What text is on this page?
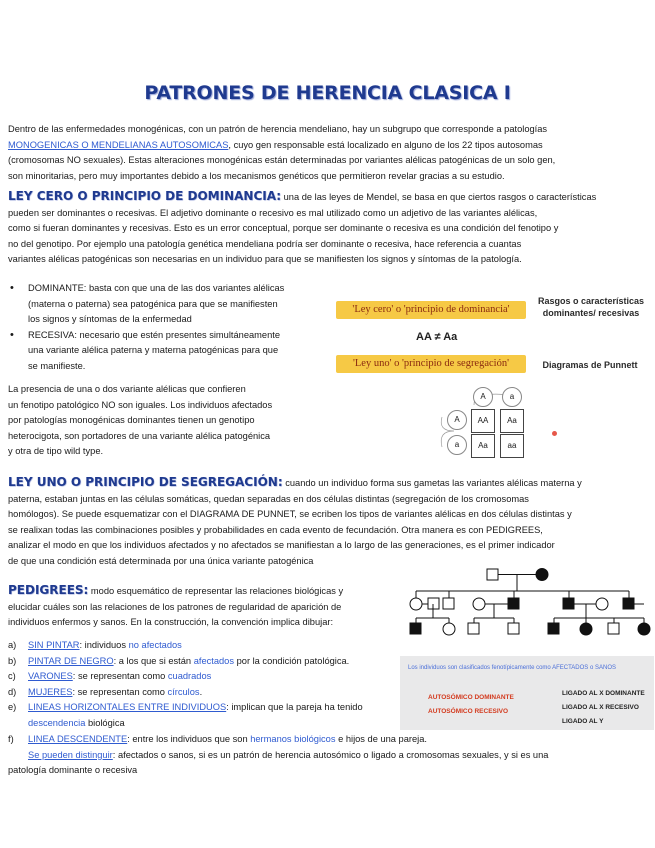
PATRONES DE HERENCIA CLASICA I
Dentro de las enfermedades monogénicas, con un patrón de herencia mendeliano, hay un subgrupo que corresponde a patologías
MONOGENICAS O MENDELIANAS AUTOSOMICAS, cuyo gen responsable está localizado en alguno de los 22 tipos autosomas
(cromosomas NO sexuales). Estas alteraciones monogénicas están determinadas por variantes alélicas patogénicas de un solo gen,
son minoritarias, pero muy importantes debido a los mecanismos genéticos que permitieron revelar gracias a su estudio.
LEY CERO O PRINCIPIO DE DOMINANCIA: una de las leyes de Mendel, se basa en que ciertos rasgos o características
pueden ser dominantes o recesivas. El adjetivo dominante o recesivo es mal utilizado como un adjetivo de las variantes alélicas,
como si fueran dominantes y recesivas. Esto es un error conceptual, porque ser dominante o recesiva es una condición del fenotipo y
no del genotipo. Por ejemplo una patología genética mendeliana podría ser dominante o recesiva, hace referencia a cuantas
variantes alélicas patogénicas son necesarias en un individuo para que se manifiesten los signos y síntomas de la patología.
• DOMINANTE: basta con que una de las dos variantes alélicas
(materna o paterna) sea patogénica para que se manifiesten
los signos y síntomas de la enfermedad
• RECESIVA: necesario que estén presentes simultáneamente
una variante alélica paterna y materna patogénicas para que
se manifieste.
La presencia de una o dos variante alélicas que confieren
un fenotipo patológico NO son iguales. Los individuos afectados
por patologías monogénicas dominantes tienen un genotipo
heterocigota, son portadores de una variante alélica patogénica
y otra de tipo wild type.
'Ley cero' o 'principio de dominancia'
Rasgos o características
dominantes/ recesivas
AA ≠ Aa
'Ley uno' o 'principio de segregación'	Diagramas de Punnett
A	a
A
a
AA	Aa
Aa	aa
LEY UNO O PRINCIPIO DE SEGREGACIÓN: cuando un individuo forma sus gametas las variantes alélicas materna y
paterna, estaban juntas en las células somáticas, quedan separadas en dos células distintas (segregación de los cromosomas
homólogos). Se puede esquematizar con el DIAGRAMA DE PUNNET, se ecriben los tipos de variantes alélicas en dos células distintas y
se realixan todas las combinaciones posibles y probabilidades en cada evento de fecundación. Otra manera es con PEDIGREES,
analizar el modo en que los individuos afectados y no afectados se manifiestan a lo largo de las generaciones, es el primer indicador
de que una condición está determinada por una única variante patogénica
PEDIGREES: modo esquemático de representar las relaciones biológicas y
elucidar cuáles son las relaciones de los patrones de regularidad de aparición de
individuos enfermos y sanos. En la construcción, la convención implica dibujar:
a) SIN PINTAR: individuos no afectados
b) PINTAR DE NEGRO: a los que si están afectados por la condición patológica.
c) VARONES: se representan como cuadrados
d) MUJERES: se representan como círculos.
e) LINEAS HORIZONTALES ENTRE INDIVIDUOS: implican que la pareja ha tenido
descendencia biológica
f) LINEA DESCENDENTE: entre los individuos que son hermanos biológicos e hijos de una pareja.
Se pueden distinguir: afectados o sanos, si es un patrón de herencia autosómico o ligado a cromosomas sexuales, y si es una
patología dominante o recesiva
Los individuos son clasificados fenotípicamente como AFECTADOS o SANOS
AUTOSÓMICO DOMINANTE
AUTOSÓMICO RECESIVO
LIGADO AL X DOMINANTE
LIGADO AL X RECESIVO
LIGADO AL Y
